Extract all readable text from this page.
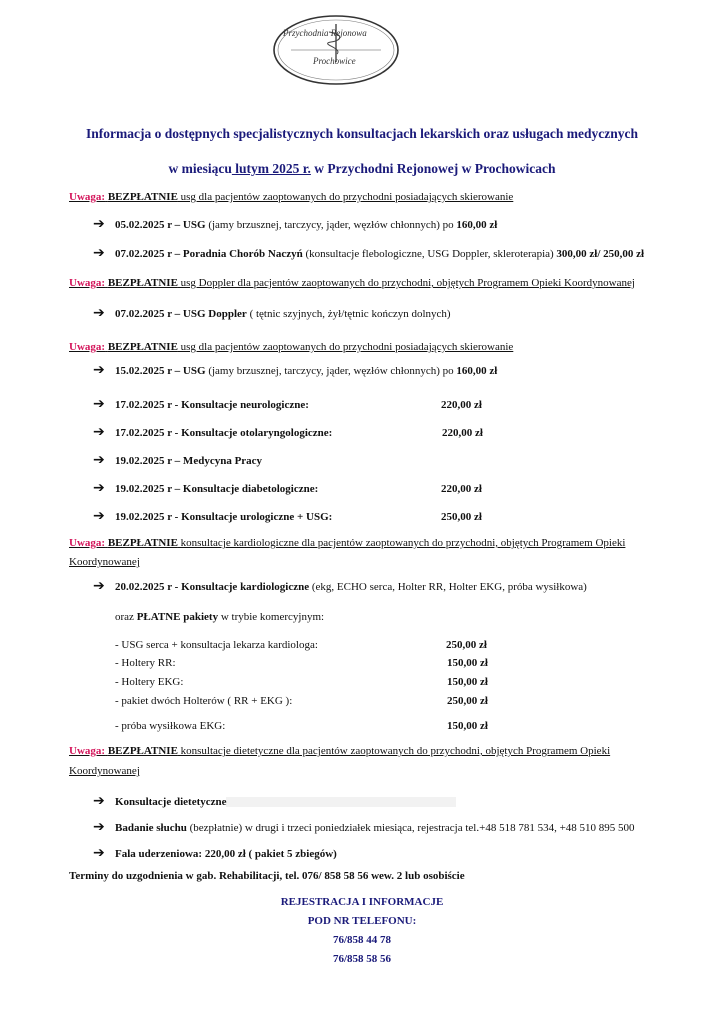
Przychodnia Rejonowa
Prochowice
Informacja o dostępnych specjalistycznych konsultacjach lekarskich oraz usługach medycznych
w miesiącu lutym 2025 r. w Przychodni Rejonowej w Prochowicach
Uwaga: BEZPŁATNIE usg dla pacjentów zaoptowanych do przychodni posiadających skierowanie
➔ 05.02.2025 r – USG (jamy brzusznej, tarczycy, jąder, węzłów chłonnych) po 160,00 zł
➔ 07.02.2025 r – Poradnia Chorób Naczyń (konsultacje flebologiczne, USG Doppler, skleroterapia) 300,00 zł/ 250,00 zł
Uwaga: BEZPŁATNIE usg Doppler dla pacjentów zaoptowanych do przychodni, objętych Programem Opieki Koordynowanej
➔ 07.02.2025 r – USG Doppler ( tętnic szyjnych, żył/tętnic kończyn dolnych)
Uwaga: BEZPŁATNIE usg dla pacjentów zaoptowanych do przychodni posiadających skierowanie
➔ 15.02.2025 r – USG (jamy brzusznej, tarczycy, jąder, węzłów chłonnych) po 160,00 zł
➔ 17.02.2025 r - Konsultacje neurologiczne:	220,00 zł
➔ 17.02.2025 r - Konsultacje otolaryngologiczne:	220,00 zł
➔ 19.02.2025 r – Medycyna Pracy
➔ 19.02.2025 r – Konsultacje diabetologiczne:	220,00 zł
➔ 19.02.2025 r - Konsultacje urologiczne + USG:	250,00 zł
Uwaga: BEZPŁATNIE konsultacje kardiologiczne dla pacjentów zaoptowanych do przychodni, objętych Programem Opieki
Koordynowanej
➔ 20.02.2025 r - Konsultacje kardiologiczne (ekg, ECHO serca, Holter RR, Holter EKG, próba wysiłkowa)
oraz PŁATNE pakiety w trybie komercyjnym:
- USG serca + konsultacja lekarza kardiologa:	250,00 zł
- Holtery RR:	150,00 zł
- Holtery EKG:	150,00 zł
- pakiet dwóch Holterów ( RR + EKG ):	250,00 zł
- próba wysiłkowa EKG:	150,00 zł
Uwaga: BEZPŁATNIE konsultacje dietetyczne dla pacjentów zaoptowanych do przychodni, objętych Programem Opieki
Koordynowanej
➔ Konsultacje dietetyczne
➔ Badanie słuchu (bezpłatnie) w drugi i trzeci poniedziałek miesiąca, rejestracja tel.+48 518 781 534, +48 510 895 500
➔ Fala uderzeniowa: 220,00 zł ( pakiet 5 zbiegów)
Terminy do uzgodnienia w gab. Rehabilitacji, tel. 076/ 858 58 56 wew. 2 lub osobiście
REJESTRACJA I INFORMACJE
POD NR TELEFONU:
76/858 44 78
76/858 58 56
